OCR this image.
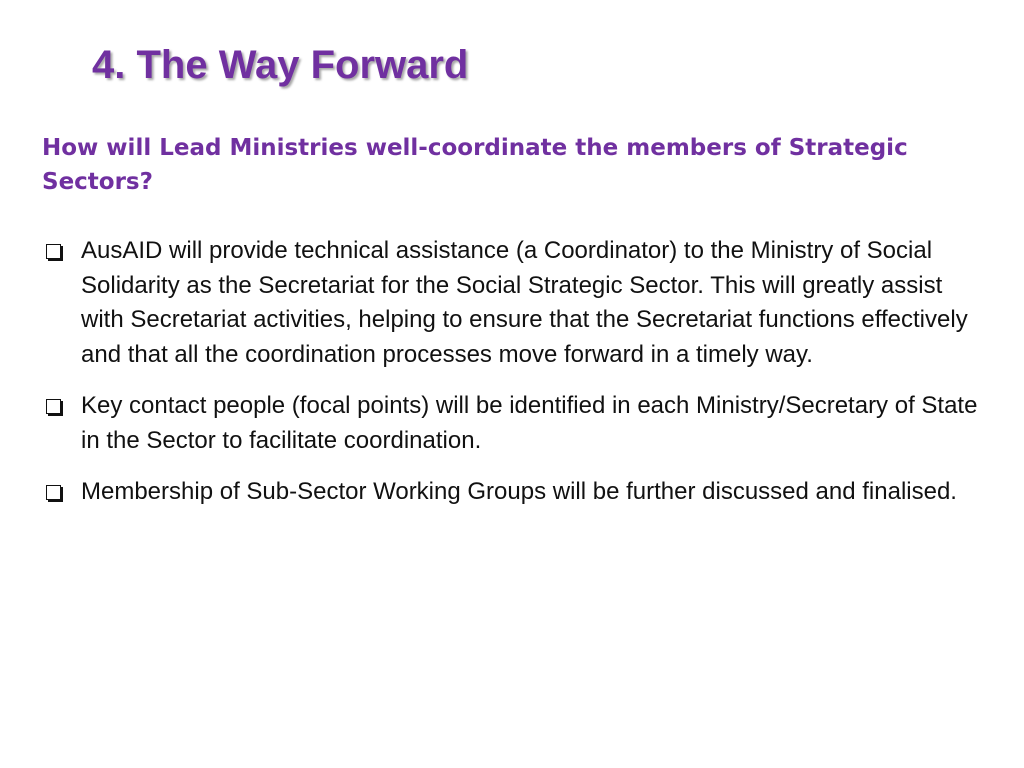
4. The Way Forward

How will Lead Ministries well-coordinate the members of Strategic Sectors?

AusAID will provide technical assistance (a Coordinator) to the Ministry of Social Solidarity as the Secretariat for the Social Strategic Sector. This will greatly assist with Secretariat activities, helping to ensure that the Secretariat functions effectively and that all the coordination processes move forward in a timely way.
Key contact people (focal points) will be identified in each Ministry/Secretary of State in the Sector to facilitate coordination.
Membership of Sub-Sector Working Groups will be further discussed and finalised.
